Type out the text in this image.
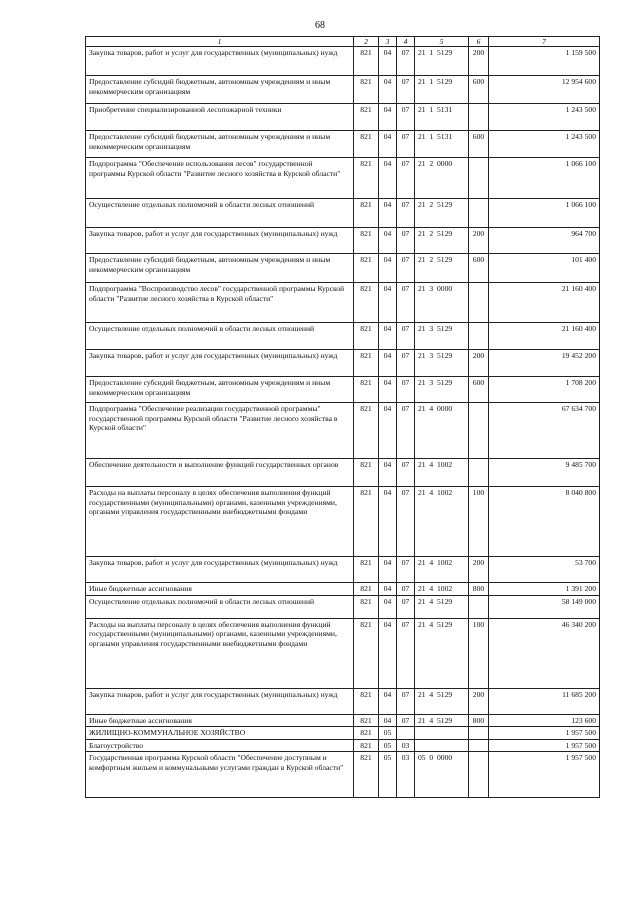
68
1	2	3	4	5	6	7
Закупка товаров, работ и услуг для государственных (муниципальных) нужд	821	04	07	21  1  5129	200	1 159 500
Предоставление субсидий бюджетным, автономным учреждениям и иным некоммерческим организациям	821	04	07	21  1  5129	600	12 954 600
Приобретение специализированной лесопожарной техники	821	04	07	21  1  5131		1 243 500
Предоставление субсидий бюджетным, автономным учреждениям и иным некоммерческим организациям	821	04	07	21  1  5131	600	1 243 500
Подпрограмма "Обеспечение использования лесов" государственной программы Курской области "Развитие лесного хозяйства в Курской области"	821	04	07	21  2  0000		1 066 100
Осуществление отдельных полномочий в области лесных отношений	821	04	07	21  2  5129		1 066 100
Закупка товаров, работ и услуг для государственных (муниципальных) нужд	821	04	07	21  2  5129	200	964 700
Предоставление субсидий бюджетным, автономным учреждениям и иным некоммерческим организациям	821	04	07	21  2  5129	600	101 400
Подпрограмма "Воспроизводство лесов" государственной программы Курской области "Развитие лесного хозяйства в Курской области"	821	04	07	21  3  0000		21 160 400
Осуществление отдельных полномочий в области лесных отношений	821	04	07	21  3  5129		21 160 400
Закупка товаров, работ и услуг для государственных (муниципальных) нужд	821	04	07	21  3  5129	200	19 452 200
Предоставление субсидий бюджетным, автономным учреждениям и иным некоммерческим организациям	821	04	07	21  3  5129	600	1 708 200
Подпрограмма "Обеспечение реализации государственной программы" государственной программы Курской области "Развитие лесного хозяйства в Курской области"	821	04	07	21  4  0000		67 634 700
Обеспечение деятельности и выполнение функций государственных органов	821	04	07	21  4  1002		9 485 700
Расходы на выплаты персоналу в целях обеспечения выполнения функций государственными (муниципальными) органами, казенными учреждениями, органами управления государственными внебюджетными фондами	821	04	07	21  4  1002	100	8 040 800
Закупка товаров, работ и услуг для государственных (муниципальных) нужд	821	04	07	21  4  1002	200	53 700
Иные бюджетные ассигнования	821	04	07	21  4  1002	800	1 391 200
Осуществление отдельных полномочий в области лесных отношений	821	04	07	21  4  5129		58 149 000
Расходы на выплаты персоналу в целях обеспечения выполнения функций государственными (муниципальными) органами, казенными учреждениями, органами управления государственными внебюджетными фондами	821	04	07	21  4  5129	100	46 340 200
Закупка товаров, работ и услуг для государственных (муниципальных) нужд	821	04	07	21  4  5129	200	11 685 200
Иные бюджетные ассигнования	821	04	07	21  4  5129	800	123 600
ЖИЛИЩНО-КОММУНАЛЬНОЕ ХОЗЯЙСТВО	821	05				1 957 500
Благоустройство	821	05	03			1 957 500
Государственная программа Курской области "Обеспечение доступным и комфортным жильем и коммунальными услугами граждан в Курской области"	821	05	03	05  0  0000		1 957 500
